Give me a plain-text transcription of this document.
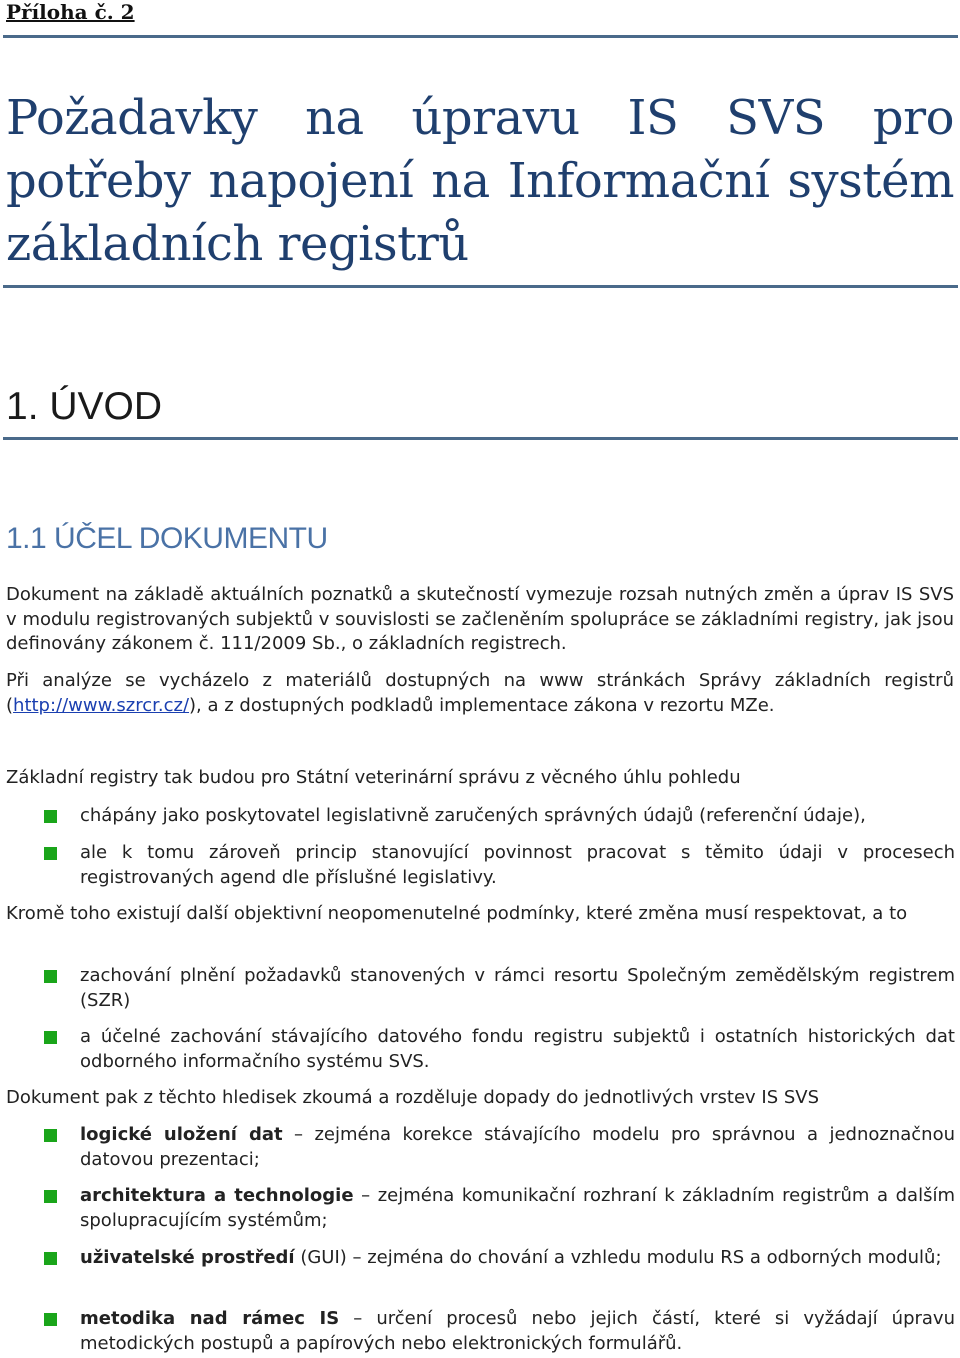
Příloha č. 2
Požadavky na úpravu IS SVS pro potřeby napojení na Informační systém základních registrů
1. ÚVOD
1.1 ÚČEL DOKUMENTU
Dokument na základě aktuálních poznatků a skutečností vymezuje rozsah nutných změn a úprav IS SVS v modulu registrovaných subjektů v souvislosti se začleněním spolupráce se základními registry, jak jsou definovány zákonem č. 111/2009 Sb., o základních registrech.
Při analýze se vycházelo z materiálů dostupných na www stránkách Správy základních registrů (http://www.szrcr.cz/), a z dostupných podkladů implementace zákona v rezortu MZe.
Základní registry tak budou pro Státní veterinární správu z věcného úhlu pohledu
chápány jako poskytovatel legislativně zaručených správných údajů (referenční údaje),
ale k tomu zároveň princip stanovující povinnost pracovat s těmito údaji v procesech registrovaných agend dle příslušné legislativy.
Kromě toho existují další objektivní neopomenutelné podmínky, které změna musí respektovat, a to
zachování plnění požadavků stanovených v rámci resortu Společným zemědělským registrem (SZR)
a účelné zachování stávajícího datového fondu registru subjektů i ostatních historických dat odborného informačního systému SVS.
Dokument pak z těchto hledisek zkoumá a rozděluje dopady do jednotlivých vrstev IS SVS
logické uložení dat – zejména korekce stávajícího modelu pro správnou a jednoznačnou datovou prezentaci;
architektura a technologie – zejména komunikační rozhraní k základním registrům a dalším spolupracujícím systémům;
uživatelské prostředí (GUI) – zejména do chování a vzhledu modulu RS a odborných modulů;
metodika nad rámec IS – určení procesů nebo jejich částí, které si vyžádají úpravu metodických postupů a papírových nebo elektronických formulářů.
